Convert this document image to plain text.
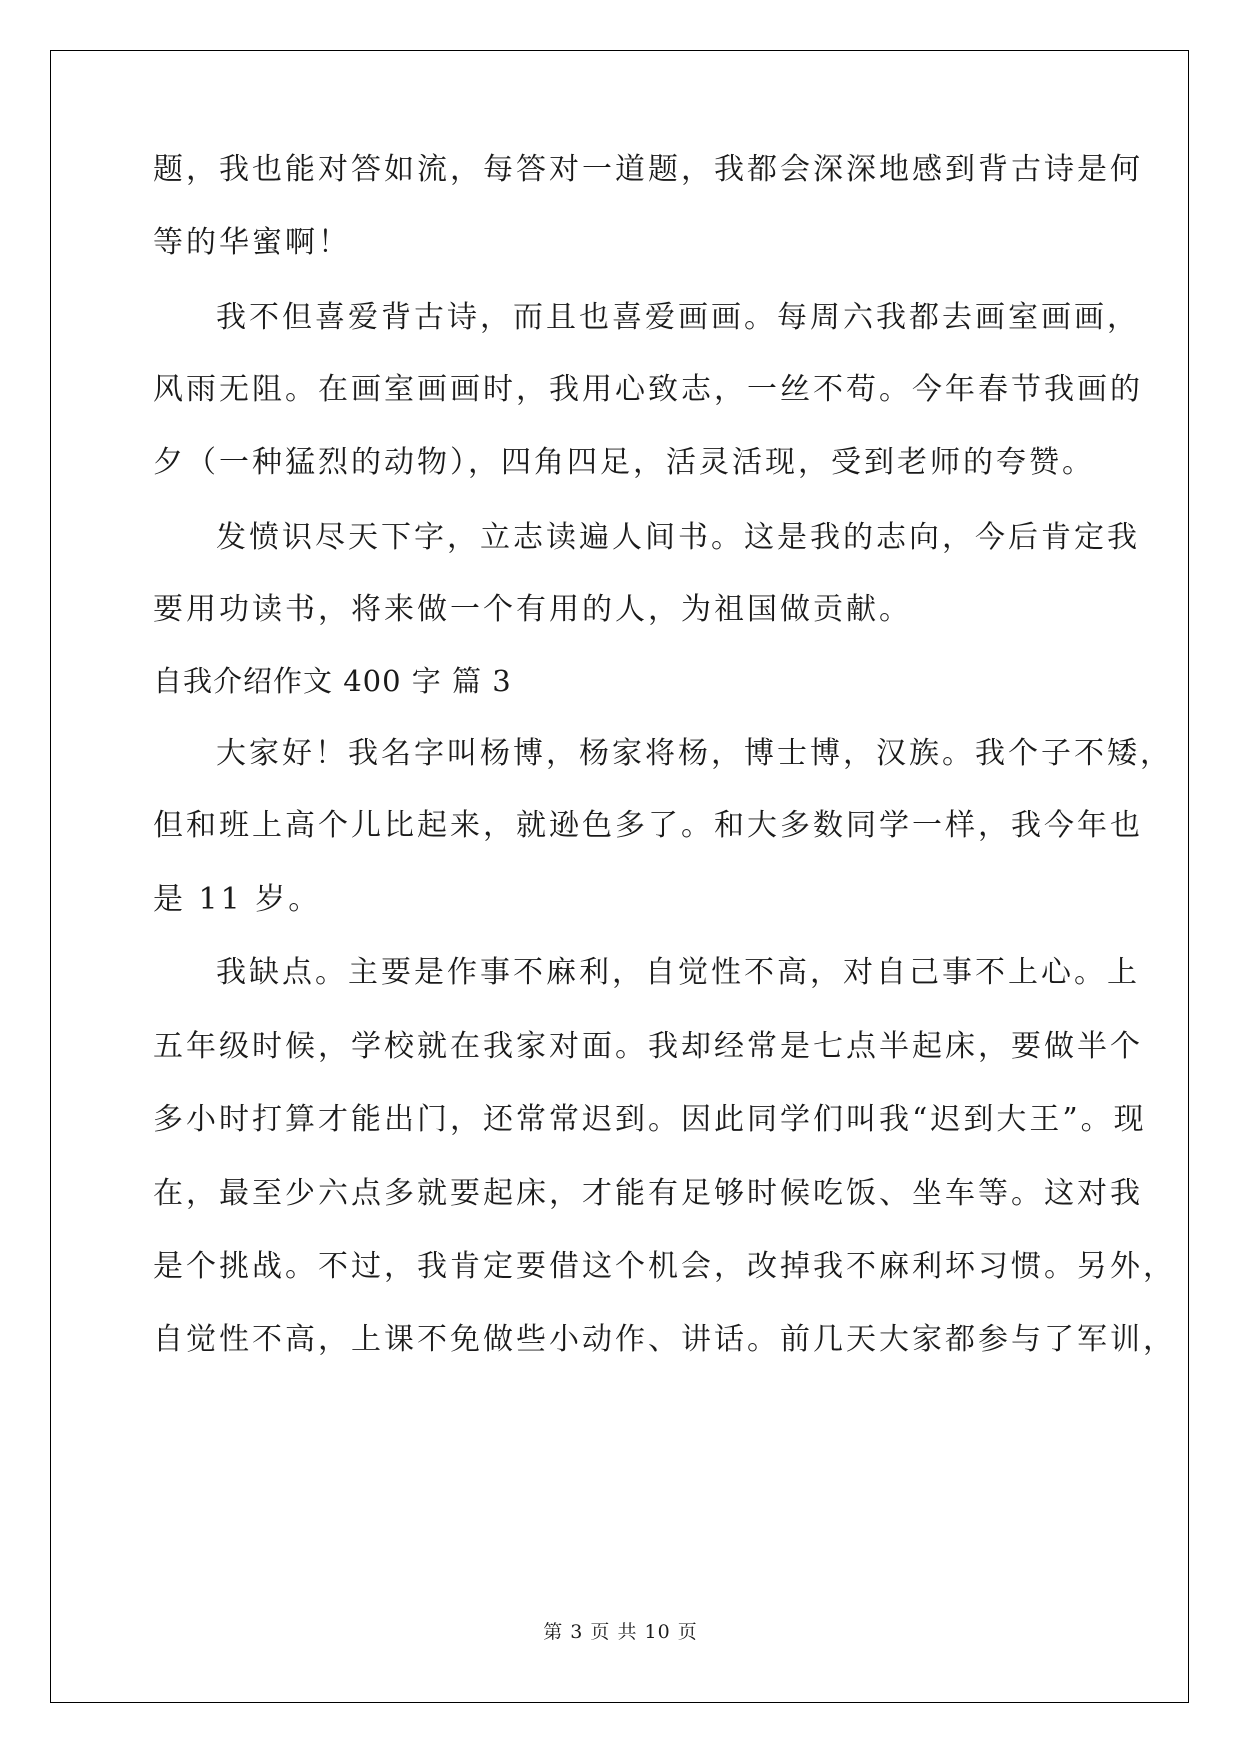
题，我也能对答如流，每答对一道题，我都会深深地感到背古诗是何
等的华蜜啊！
我不但喜爱背古诗，而且也喜爱画画。每周六我都去画室画画，
风雨无阻。在画室画画时，我用心致志，一丝不苟。今年春节我画的
夕（一种猛烈的动物），四角四足，活灵活现，受到老师的夸赞。
发愤识尽天下字，立志读遍人间书。这是我的志向，今后肯定我
要用功读书，将来做一个有用的人，为祖国做贡献。
自我介绍作文 400 字 篇 3
大家好！我名字叫杨博，杨家将杨，博士博，汉族。我个子不矮，
但和班上高个儿比起来，就逊色多了。和大多数同学一样，我今年也
是 11 岁。
我缺点。主要是作事不麻利，自觉性不高，对自己事不上心。上
五年级时候，学校就在我家对面。我却经常是七点半起床，要做半个
多小时打算才能出门，还常常迟到。因此同学们叫我“迟到大王”。现
在，最至少六点多就要起床，才能有足够时候吃饭、坐车等。这对我
是个挑战。不过，我肯定要借这个机会，改掉我不麻利坏习惯。另外，
自觉性不高，上课不免做些小动作、讲话。前几天大家都参与了军训，
第 3 页 共 10 页
